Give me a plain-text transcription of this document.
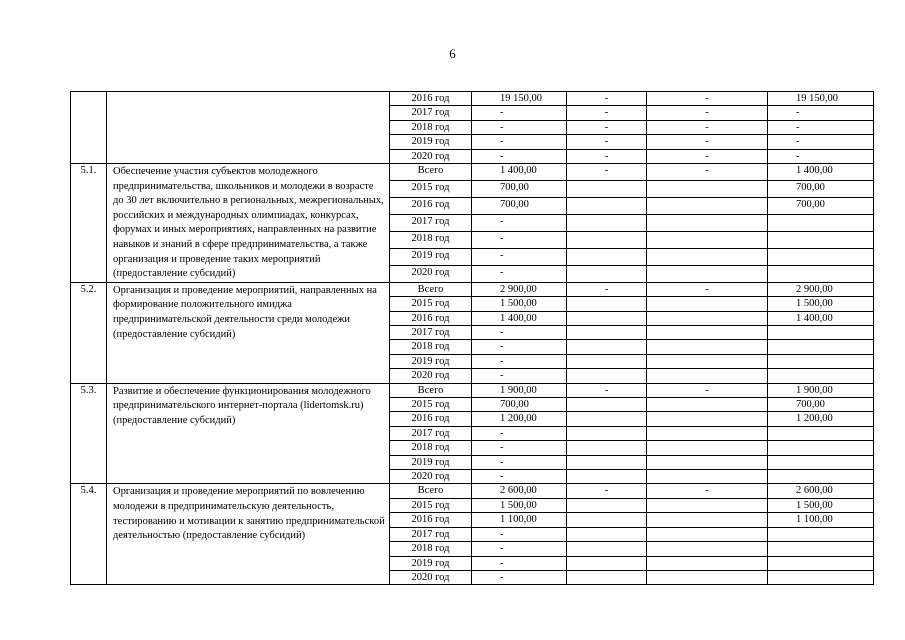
6
		2016 год	19 150,00	-	-	19 150,00
		2017 год	-	-	-	-
		2018 год	-	-	-	-
		2019 год	-	-	-	-
		2020 год	-	-	-	-
5.1.	Обеспечение участия субъектов молодежного предпринимательства, школьников и молодежи в возрасте до 30 лет включительно в региональных, межрегиональных, российских и международных олимпиадах, конкурсах, форумах и иных мероприятиях, направленных на развитие навыков и знаний в сфере предпринимательства, а также организация и проведение таких мероприятий (предоставление субсидий)	Всего	1 400,00	-	-	1 400,00
		2015 год	700,00			700,00
		2016 год	700,00			700,00
		2017 год	-			
		2018 год	-			
		2019 год	-			
		2020 год	-			
5.2.	Организация и проведение мероприятий, направленных на формирование положительного имиджа предпринимательской деятельности среди молодежи (предоставление субсидий)	Всего	2 900,00	-	-	2 900,00
		2015 год	1 500,00			1 500,00
		2016 год	1 400,00			1 400,00
		2017 год	-			
		2018 год	-			
		2019 год	-			
		2020 год	-			
5.3.	Развитие и обеспечение функционирования молодежного предпринимательского интернет-портала (lidertomsk.ru) (предоставление субсидий)	Всего	1 900,00	-	-	1 900,00
		2015 год	700,00			700,00
		2016 год	1 200,00			1 200,00
		2017 год	-			
		2018 год	-			
		2019 год	-			
		2020 год	-			
5.4.	Организация и проведение мероприятий по вовлечению молодежи в предпринимательскую деятельность, тестированию и мотивации к занятию предпринимательской деятельностью (предоставление субсидий)	Всего	2 600,00	-	-	2 600,00
		2015 год	1 500,00			1 500,00
		2016 год	1 100,00			1 100,00
		2017 год	-			
		2018 год	-			
		2019 год	-			
		2020 год	-			
